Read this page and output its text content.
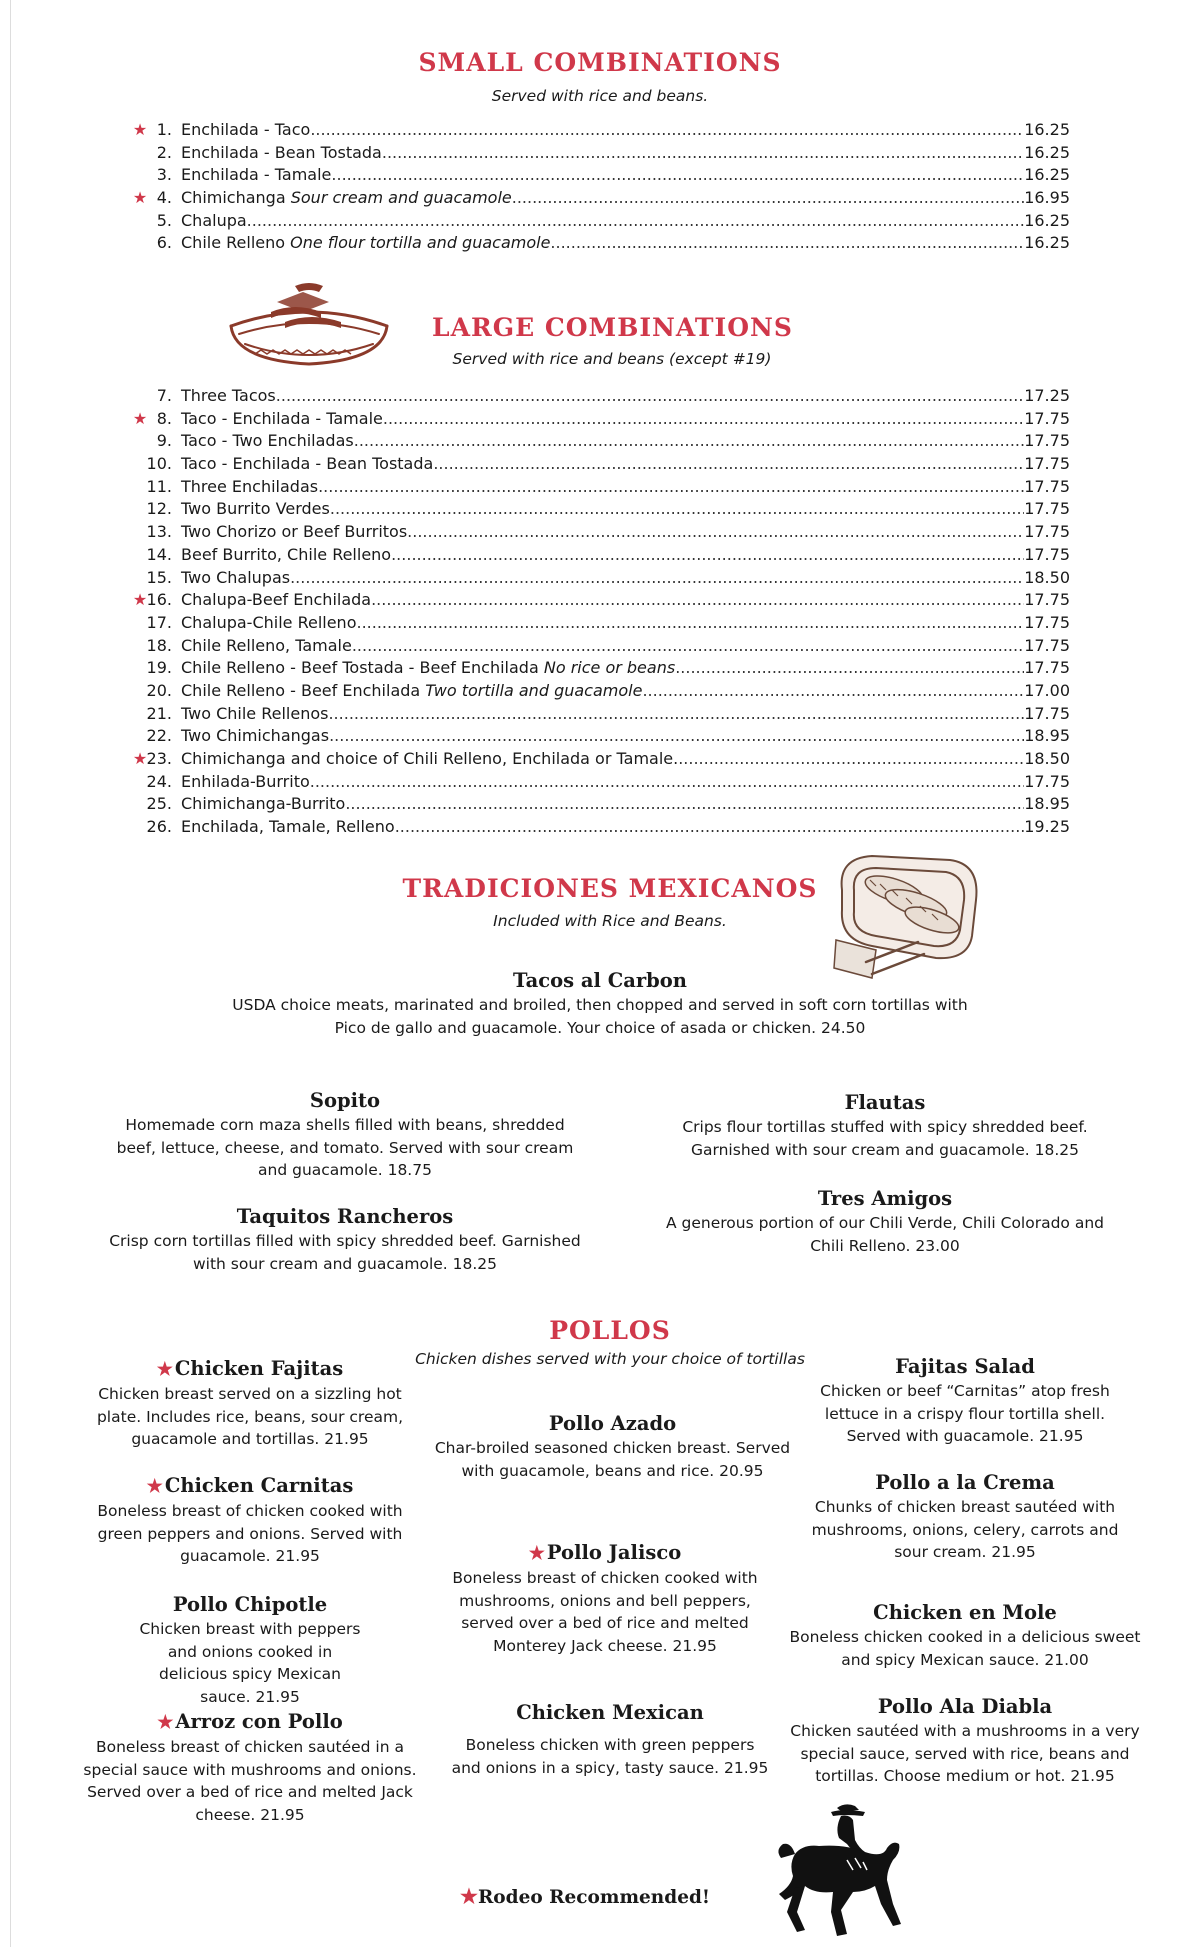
SMALL COMBINATIONS
Served with rice and beans.
★ 1. Enchilada - Taco .....	16.25
2. Enchilada - Bean Tostada .....	16.25
3. Enchilada - Tamale .....	16.25
★ 4. Chimichanga Sour cream and guacamole .....	16.95
5. Chalupa .....	16.25
6. Chile Relleno One flour tortilla and guacamole .....	16.25
LARGE COMBINATIONS
Served with rice and beans (except #19)
7. Three Tacos .....	17.25
★ 8. Taco - Enchilada - Tamale .....	17.75
9. Taco - Two Enchiladas .....	17.75
10. Taco - Enchilada - Bean Tostada .....	17.75
11. Three Enchiladas .....	17.75
12. Two Burrito Verdes .....	17.75
13. Two Chorizo or Beef Burritos .....	17.75
14. Beef Burrito, Chile Relleno .....	17.75
15. Two Chalupas .....	18.50
★ 16. Chalupa-Beef Enchilada .....	17.75
17. Chalupa-Chile Relleno .....	17.75
18. Chile Relleno, Tamale .....	17.75
19. Chile Relleno - Beef Tostada - Beef Enchilada No rice or beans .....	17.75
20. Chile Relleno - Beef Enchilada Two tortilla and guacamole .....	17.00
21. Two Chile Rellenos .....	17.75
22. Two Chimichangas .....	18.95
★ 23. Chimichanga and choice of Chili Relleno, Enchilada or Tamale. .....	18.50
24. Enhilada-Burrito .....	17.75
25. Chimichanga-Burrito .....	18.95
26. Enchilada, Tamale, Relleno .....	19.25
TRADICIONES MEXICANOS
Included with Rice and Beans.
Tacos al Carbon
USDA choice meats, marinated and broiled, then chopped and served in soft corn tortillas with Pico de gallo and guacamole. Your choice of asada or chicken. 24.50
Sopito
Homemade corn maza shells filled with beans, shredded beef, lettuce, cheese, and tomato. Served with sour cream and guacamole. 18.75
Flautas
Crips flour tortillas stuffed with spicy shredded beef. Garnished with sour cream and guacamole. 18.25
Taquitos Rancheros
Crisp corn tortillas filled with spicy shredded beef. Garnished with sour cream and guacamole. 18.25
Tres Amigos
A generous portion of our Chili Verde, Chili Colorado and Chili Relleno. 23.00
POLLOS
Chicken dishes served with your choice of tortillas
★ Chicken Fajitas
Chicken breast served on a sizzling hot plate. Includes rice, beans, sour cream, guacamole and tortillas. 21.95
★ Chicken Carnitas
Boneless breast of chicken cooked with green peppers and onions. Served with guacamole. 21.95
Pollo Chipotle
Chicken breast with peppers and onions cooked in delicious spicy Mexican sauce. 21.95
★ Arroz con Pollo
Boneless breast of chicken sautéed in a special sauce with mushrooms and onions. Served over a bed of rice and melted Jack cheese. 21.95
Pollo Azado
Char-broiled seasoned chicken breast. Served with guacamole, beans and rice. 20.95
★ Pollo Jalisco
Boneless breast of chicken cooked with mushrooms, onions and bell peppers, served over a bed of rice and melted Monterey Jack cheese. 21.95
Chicken Mexican
Boneless chicken with green peppers and onions in a spicy, tasty sauce. 21.95
Fajitas Salad
Chicken or beef “Carnitas” atop fresh lettuce in a crispy flour tortilla shell. Served with guacamole. 21.95
Pollo a la Crema
Chunks of chicken breast sautéed with mushrooms, onions, celery, carrots and sour cream. 21.95
Chicken en Mole
Boneless chicken cooked in a delicious sweet and spicy Mexican sauce. 21.00
Pollo Ala Diabla
Chicken sautéed with a mushrooms in a very special sauce, served with rice, beans and tortillas. Choose medium or hot. 21.95
★Rodeo Recommended!
